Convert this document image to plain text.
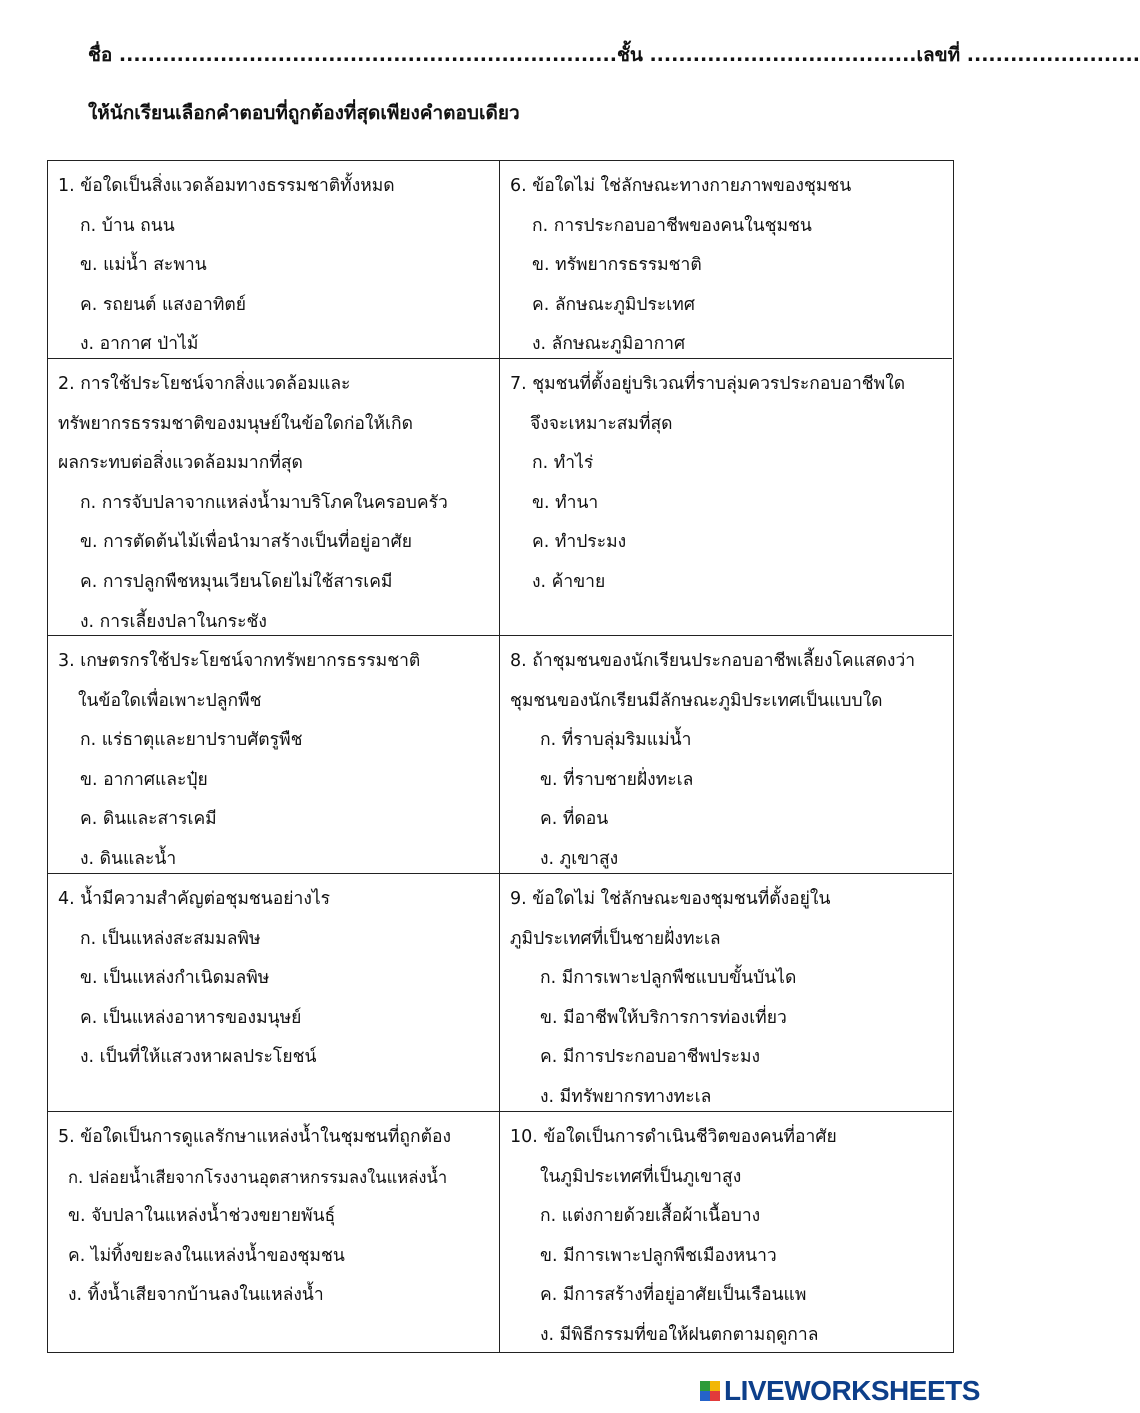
ชื่อ .....................................................................ชั้น .....................................เลขที่ ........................
ให้นักเรียนเลือกคำตอบที่ถูกต้องที่สุดเพียงคำตอบเดียว
1. ข้อใดเป็นสิ่งแวดล้อมทางธรรมชาติทั้งหมด
ก. บ้าน ถนน
ข. แม่น้ำ สะพาน
ค. รถยนต์ แสงอาทิตย์
ง. อากาศ ป่าไม้
6. ข้อใดไม่ ใช่ลักษณะทางกายภาพของชุมชน
ก. การประกอบอาชีพของคนในชุมชน
ข. ทรัพยากรธรรมชาติ
ค. ลักษณะภูมิประเทศ
ง. ลักษณะภูมิอากาศ
2. การใช้ประโยชน์จากสิ่งแวดล้อมและ
ทรัพยากรธรรมชาติของมนุษย์ในข้อใดก่อให้เกิด
ผลกระทบต่อสิ่งแวดล้อมมากที่สุด
ก. การจับปลาจากแหล่งน้ำมาบริโภคในครอบครัว
ข. การตัดต้นไม้เพื่อนำมาสร้างเป็นที่อยู่อาศัย
ค. การปลูกพืชหมุนเวียนโดยไม่ใช้สารเคมี
ง. การเลี้ยงปลาในกระชัง
7. ชุมชนที่ตั้งอยู่บริเวณที่ราบลุ่มควรประกอบอาชีพใด
จึงจะเหมาะสมที่สุด
ก. ทำไร่
ข. ทำนา
ค. ทำประมง
ง. ค้าขาย
3. เกษตรกรใช้ประโยชน์จากทรัพยากรธรรมชาติ
ในข้อใดเพื่อเพาะปลูกพืช
ก. แร่ธาตุและยาปราบศัตรูพืช
ข. อากาศและปุ๋ย
ค. ดินและสารเคมี
ง. ดินและน้ำ
8. ถ้าชุมชนของนักเรียนประกอบอาชีพเลี้ยงโคแสดงว่า
ชุมชนของนักเรียนมีลักษณะภูมิประเทศเป็นแบบใด
ก. ที่ราบลุ่มริมแม่น้ำ
ข. ที่ราบชายฝั่งทะเล
ค. ที่ดอน
ง. ภูเขาสูง
4. น้ำมีความสำคัญต่อชุมชนอย่างไร
ก. เป็นแหล่งสะสมมลพิษ
ข. เป็นแหล่งกำเนิดมลพิษ
ค. เป็นแหล่งอาหารของมนุษย์
ง. เป็นที่ให้แสวงหาผลประโยชน์
9. ข้อใดไม่ ใช่ลักษณะของชุมชนที่ตั้งอยู่ใน
ภูมิประเทศที่เป็นชายฝั่งทะเล
ก. มีการเพาะปลูกพืชแบบขั้นบันได
ข. มีอาชีพให้บริการการท่องเที่ยว
ค. มีการประกอบอาชีพประมง
ง. มีทรัพยากรทางทะเล
5. ข้อใดเป็นการดูแลรักษาแหล่งน้ำในชุมชนที่ถูกต้อง
ก. ปล่อยน้ำเสียจากโรงงานอุตสาหกรรมลงในแหล่งน้ำ
ข. จับปลาในแหล่งน้ำช่วงขยายพันธุ์
ค. ไม่ทิ้งขยะลงในแหล่งน้ำของชุมชน
ง. ทิ้งน้ำเสียจากบ้านลงในแหล่งน้ำ
10. ข้อใดเป็นการดำเนินชีวิตของคนที่อาศัย
ในภูมิประเทศที่เป็นภูเขาสูง
ก. แต่งกายด้วยเสื้อผ้าเนื้อบาง
ข. มีการเพาะปลูกพืชเมืองหนาว
ค. มีการสร้างที่อยู่อาศัยเป็นเรือนแพ
ง. มีพิธีกรรมที่ขอให้ฝนตกตามฤดูกาล
LIVEWORKSHEETS
